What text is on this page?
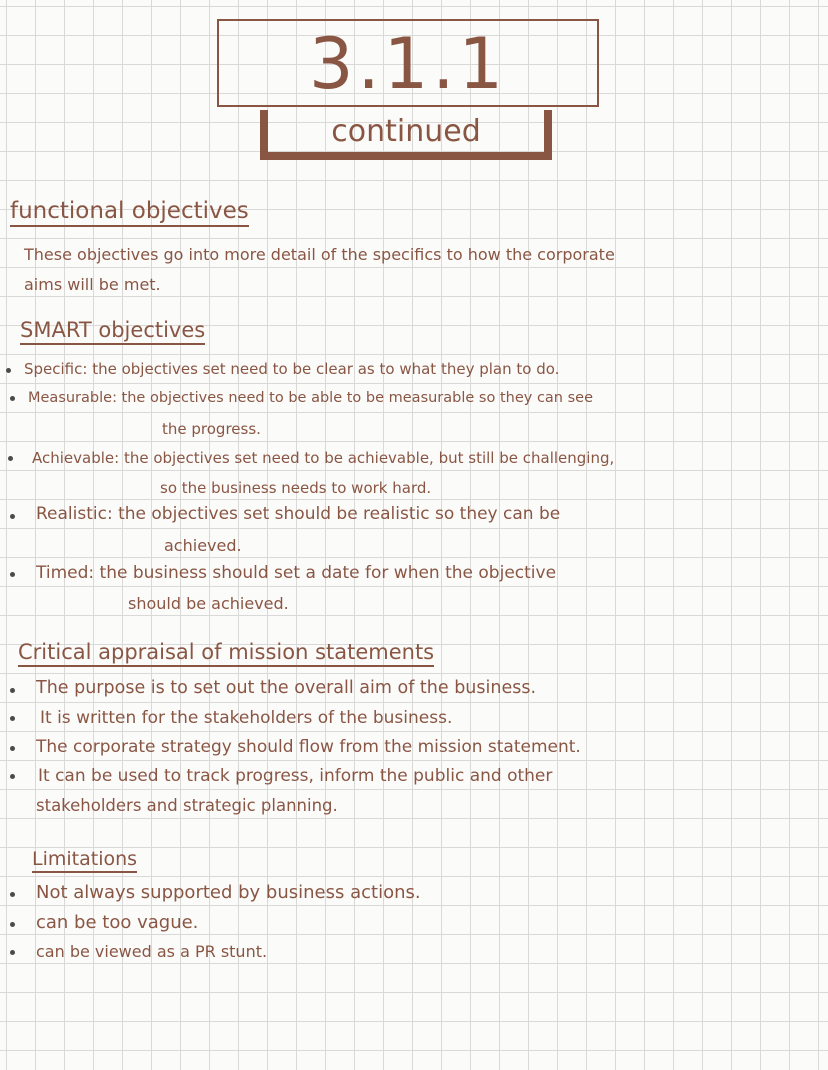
3.1.1
continued
functional objectives
These objectives go into more detail of the specifics to how the corporate
aims will be met.
SMART objectives
Specific: the objectives set need to be clear as to what they plan to do.
Measurable: the objectives need to be able to be measurable so they can see
the progress.
Achievable: the objectives set need to be achievable, but still be challenging,
so the business needs to work hard.
Realistic: the objectives set should be realistic so they can be
achieved.
Timed: the business should set a date for when the objective
should be achieved.
Critical appraisal of mission statements
The purpose is to set out the overall aim of the business.
It is written for the stakeholders of the business.
The corporate strategy should flow from the mission statement.
It can be used to track progress, inform the public and other
stakeholders and strategic planning.
Limitations
Not always supported by business actions.
can be too vague.
can be viewed as a PR stunt.
